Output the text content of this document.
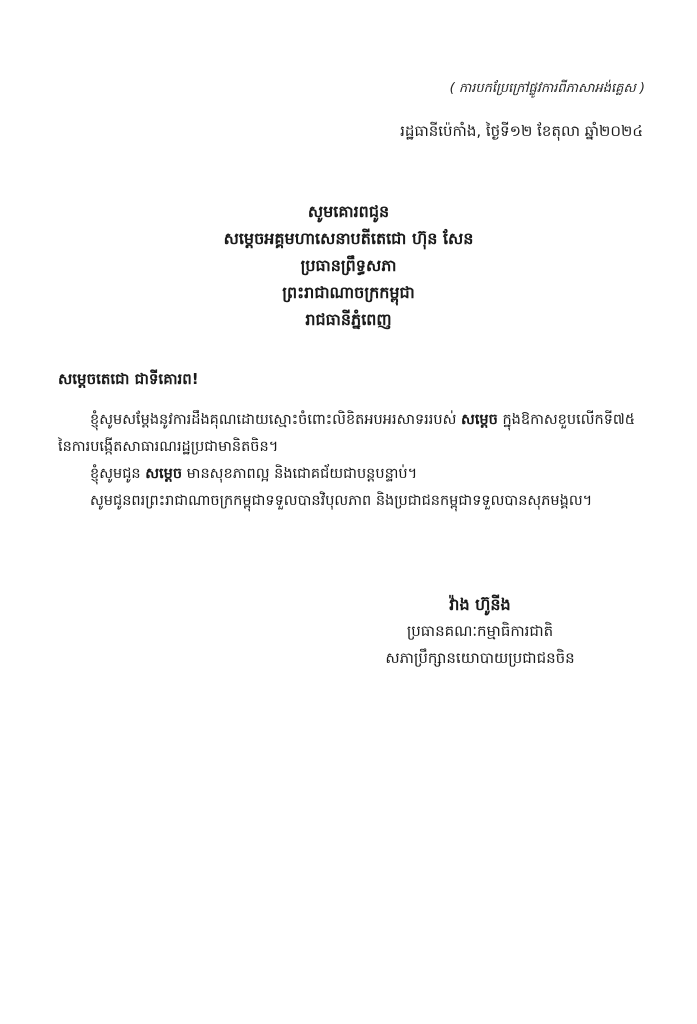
( ការបកប្រែក្រៅផ្លូវការពីភាសាអង់គ្លេស )
រដ្ឋធានីប៉េកាំង, ថ្ងៃទី១២ ខែតុលា ឆ្នាំ២០២៤
សូមគោរពជូន
សម្តេចអគ្គមហាសេនាបតីតេជោ ហ៊ុន សែន
ប្រធានព្រឹទ្ធសភា
ព្រះរាជាណាចក្រកម្ពុជា
រាជធានីភ្នំពេញ
សម្តេចតេជោ ជាទីគោរព!

ខ្ញុំសូមសម្តែងនូវការដឹងគុណដោយស្មោះចំពោះលិខិតអបអរសាទររបស់ សម្តេច ក្នុងឱកាសខួបលើកទី៧៥ នៃការបង្កើតសាធារណរដ្ឋប្រជាមានិតចិន។

ខ្ញុំសូមជូន សម្តេច មានសុខភាពល្អ និងជោគជ័យជាបន្តបន្ទាប់។

សូមជូនពរព្រះរាជាណាចក្រកម្ពុជាទទួលបានវិបុលភាព និងប្រជាជនកម្ពុជាទទួលបានសុភមង្គល។

វ៉ាង ហ៊ូនីង
ប្រធានគណៈកម្មាធិការជាតិ
សភាប្រឹក្សានយោបាយប្រជាជនចិន
